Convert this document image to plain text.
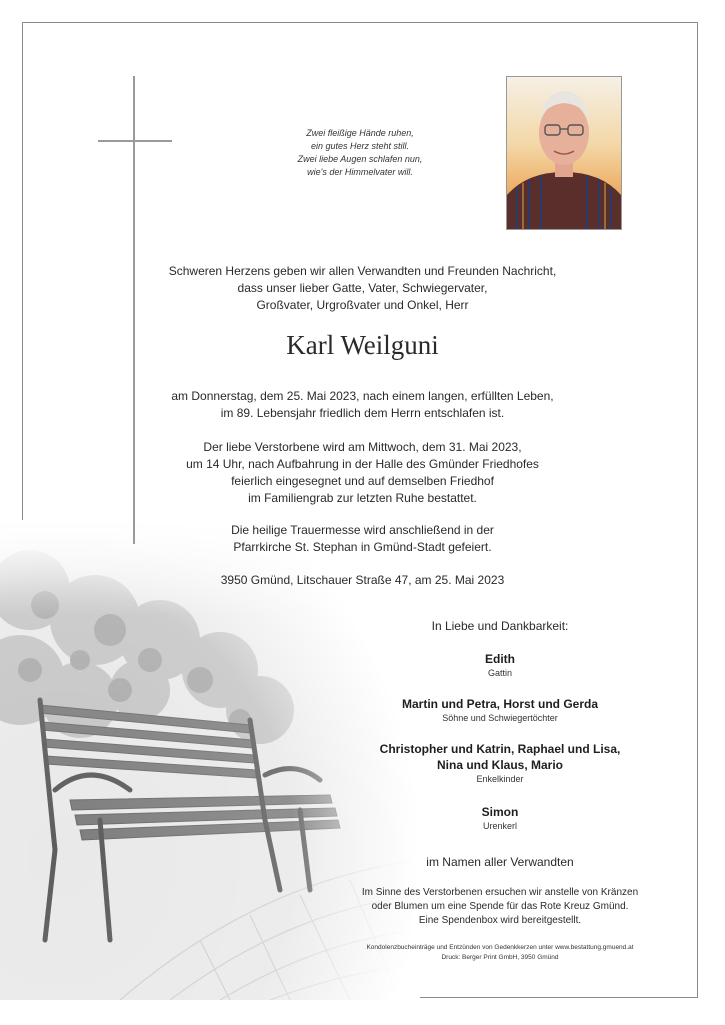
Zwei fleißige Hände ruhen,
ein gutes Herz steht still.
Zwei liebe Augen schlafen nun,
wie's der Himmelvater will.
Schweren Herzens geben wir allen Verwandten und Freunden Nachricht,
dass unser lieber Gatte, Vater, Schwiegervater,
Großvater, Urgroßvater und Onkel, Herr
Karl Weilguni
am Donnerstag, dem 25. Mai 2023, nach einem langen, erfüllten Leben,
im 89. Lebensjahr friedlich dem Herrn entschlafen ist.
Der liebe Verstorbene wird am Mittwoch, dem 31. Mai 2023,
um 14 Uhr, nach Aufbahrung in der Halle des Gmünder Friedhofes
feierlich eingesegnet und auf demselben Friedhof
im Familiengrab zur letzten Ruhe bestattet.
Die heilige Trauermesse wird anschließend in der
Pfarrkirche St. Stephan in Gmünd-Stadt gefeiert.
3950 Gmünd, Litschauer Straße 47, am 25. Mai 2023
In Liebe und Dankbarkeit:
Edith
Gattin
Martin und Petra, Horst und Gerda
Söhne und Schwiegertöchter
Christopher und Katrin, Raphael und Lisa,
Nina und Klaus, Mario
Enkelkinder
Simon
Urenkerl
im Namen aller Verwandten
Im Sinne des Verstorbenen ersuchen wir anstelle von Kränzen
oder Blumen um eine Spende für das Rote Kreuz Gmünd.
Eine Spendenbox wird bereitgestellt.
Kondolenzbucheinträge und Entzünden von Gedenkkerzen unter www.bestattung.gmuend.at
Druck: Berger Print GmbH, 3950 Gmünd
